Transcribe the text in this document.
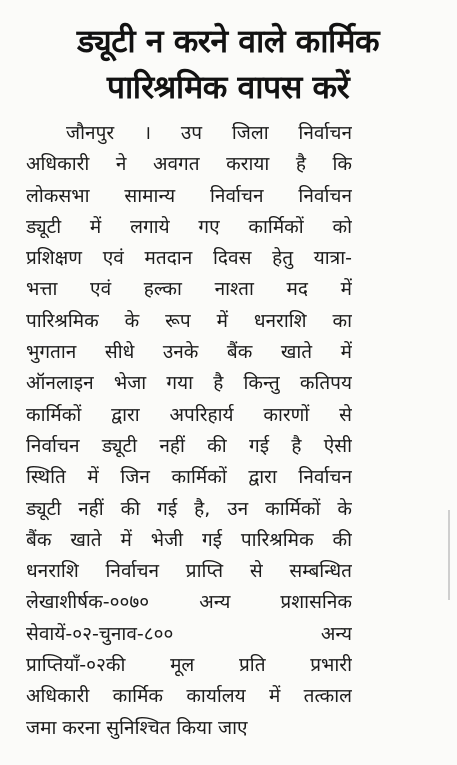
ड्यूटी न करने वाले कार्मिक
पारिश्रमिक वापस करें
जौनपुर । उप जिला निर्वाचन
अधिकारी ने अवगत कराया है कि
लोकसभा सामान्य निर्वाचन निर्वाचन
ड्यूटी में लगाये गए कार्मिकों को
प्रशिक्षण एवं मतदान दिवस हेतु यात्रा-
भत्ता एवं हल्का नाश्ता मद में
पारिश्रमिक के रूप में धनराशि का
भुगतान सीधे उनके बैंक खाते में
ऑनलाइन भेजा गया है किन्तु कतिपय
कार्मिकों द्वारा अपरिहार्य कारणों से
निर्वाचन ड्यूटी नहीं की गई है ऐसी
स्थिति में जिन कार्मिकों द्वारा निर्वाचन
ड्यूटी नहीं की गई है, उन कार्मिकों के
बैंक खाते में भेजी गई पारिश्रमिक की
धनराशि निर्वाचन प्राप्ति से सम्बन्धित
लेखाशीर्षक-००७० अन्य प्रशासनिक
सेवायें-०२-चुनाव-८०० अन्य
प्राप्तियाँ-०२की मूल प्रति प्रभारी
अधिकारी कार्मिक कार्यालय में तत्काल
जमा करना सुनिश्चित किया जाए
